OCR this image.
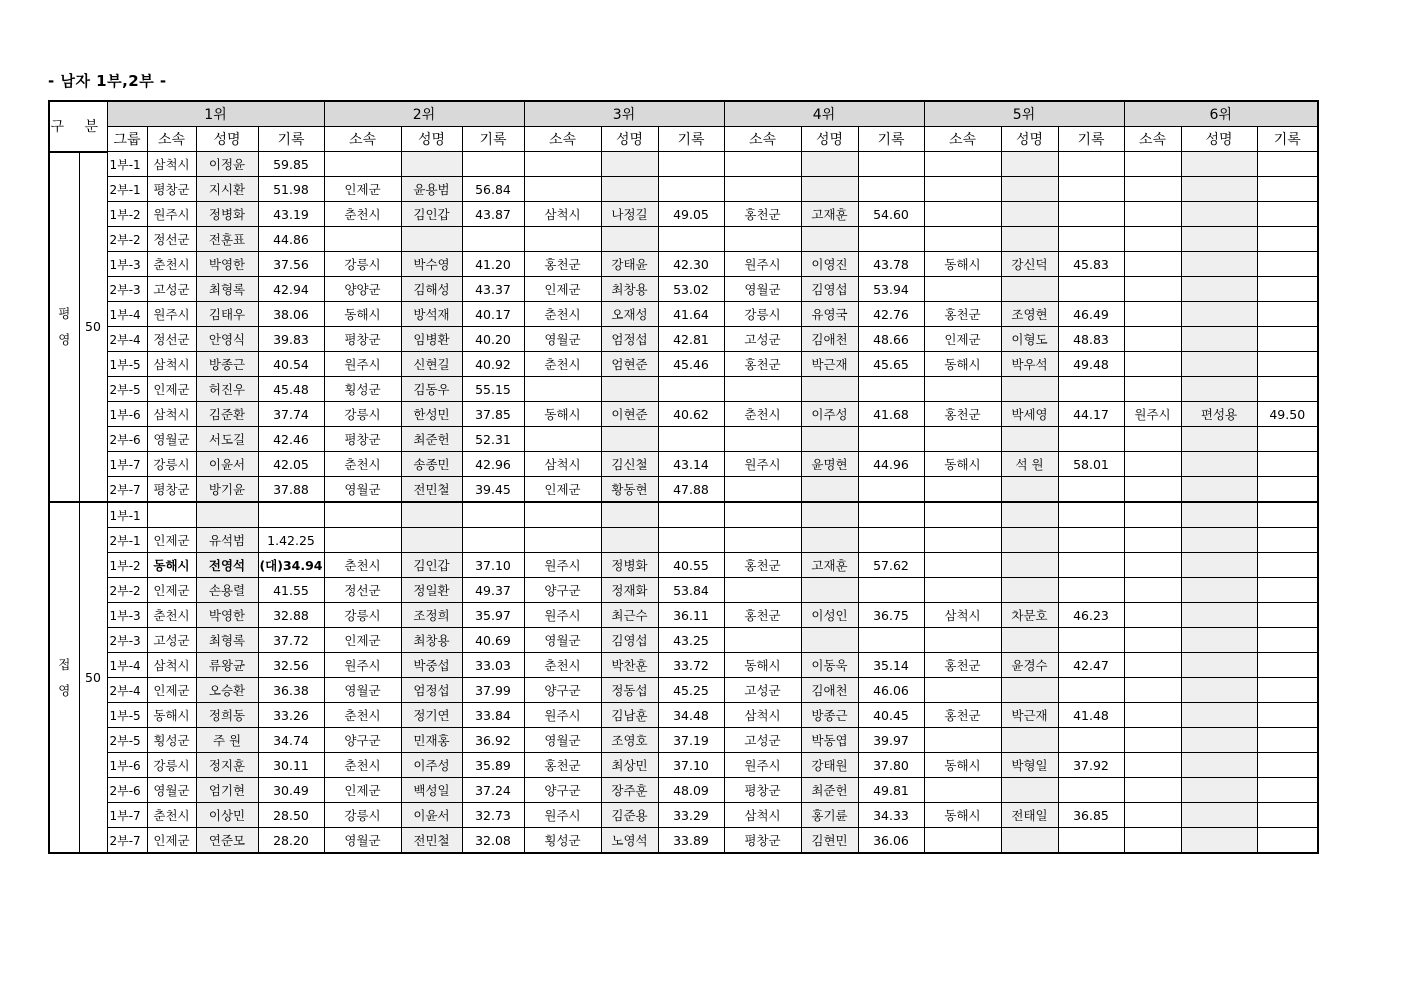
- 남자 1부,2부 -
구 분		1위				2위			3위			4위			5위			6위		
		그룹	소속	성명	기록	소속	성명	기록	소속	성명	기록	소속	성명	기록	소속	성명	기록	소속	성명	기록
평
영	50	1부-1	삼척시	이정윤	59.85															
		2부-1	평창군	지시환	51.98	인제군	윤용범	56.84												
		1부-2	원주시	정병화	43.19	춘천시	김인갑	43.87	삼척시	나정길	49.05	홍천군	고재훈	54.60						
		2부-2	정선군	전훈표	44.86															
		1부-3	춘천시	박영한	37.56	강릉시	박수영	41.20	홍천군	강태윤	42.30	원주시	이영진	43.78	동해시	강신덕	45.83			
		2부-3	고성군	최형록	42.94	양양군	김해성	43.37	인제군	최창용	53.02	영월군	김영섭	53.94						
		1부-4	원주시	김태우	38.06	동해시	방석재	40.17	춘천시	오재성	41.64	강릉시	유영국	42.76	홍천군	조영현	46.49			
		2부-4	정선군	안영식	39.83	평창군	임병환	40.20	영월군	엄정섭	42.81	고성군	김애천	48.66	인제군	이형도	48.83			
		1부-5	삼척시	방종근	40.54	원주시	신현길	40.92	춘천시	엄현준	45.46	홍천군	박근재	45.65	동해시	박우석	49.48			
		2부-5	인제군	허진우	45.48	횡성군	김동우	55.15												
		1부-6	삼척시	김준환	37.74	강릉시	한성민	37.85	동해시	이현준	40.62	춘천시	이주성	41.68	홍천군	박세영	44.17	원주시	편성용	49.50
		2부-6	영월군	서도길	42.46	평창군	최준헌	52.31												
		1부-7	강릉시	이윤서	42.05	춘천시	송종민	42.96	삼척시	김신철	43.14	원주시	윤명현	44.96	동해시	석 원	58.01			
		2부-7	평창군	방기윤	37.88	영월군	전민철	39.45	인제군	황동현	47.88									
접
영	50	1부-1																		
		2부-1	인제군	유석범	1.42.25															
		1부-2	동해시	전영석	(대)34.94	춘천시	김인갑	37.10	원주시	정병화	40.55	홍천군	고재훈	57.62						
		2부-2	인제군	손용렬	41.55	정선군	정일환	49.37	양구군	정재화	53.84									
		1부-3	춘천시	박영한	32.88	강릉시	조정희	35.97	원주시	최근수	36.11	홍천군	이성인	36.75	삼척시	차문호	46.23			
		2부-3	고성군	최형록	37.72	인제군	최창용	40.69	영월군	김영섭	43.25									
		1부-4	삼척시	류왕균	32.56	원주시	박중섭	33.03	춘천시	박찬훈	33.72	동해시	이동욱	35.14	홍천군	윤경수	42.47			
		2부-4	인제군	오승환	36.38	영월군	엄정섭	37.99	양구군	정동섭	45.25	고성군	김애천	46.06						
		1부-5	동해시	정희동	33.26	춘천시	정기연	33.84	원주시	김남훈	34.48	삼척시	방종근	40.45	홍천군	박근재	41.48			
		2부-5	횡성군	주 원	34.74	양구군	민재홍	36.92	영월군	조영호	37.19	고성군	박동엽	39.97						
		1부-6	강릉시	정지훈	30.11	춘천시	이주성	35.89	홍천군	최상민	37.10	원주시	강태원	37.80	동해시	박형일	37.92			
		2부-6	영월군	엄기현	30.49	인제군	백성일	37.24	양구군	장주훈	48.09	평창군	최준헌	49.81						
		1부-7	춘천시	이상민	28.50	강릉시	이윤서	32.73	원주시	김준용	33.29	삼척시	홍기륜	34.33	동해시	전태일	36.85			
		2부-7	인제군	연준모	28.20	영월군	전민철	32.08	횡성군	노영석	33.89	평창군	김현민	36.06						
